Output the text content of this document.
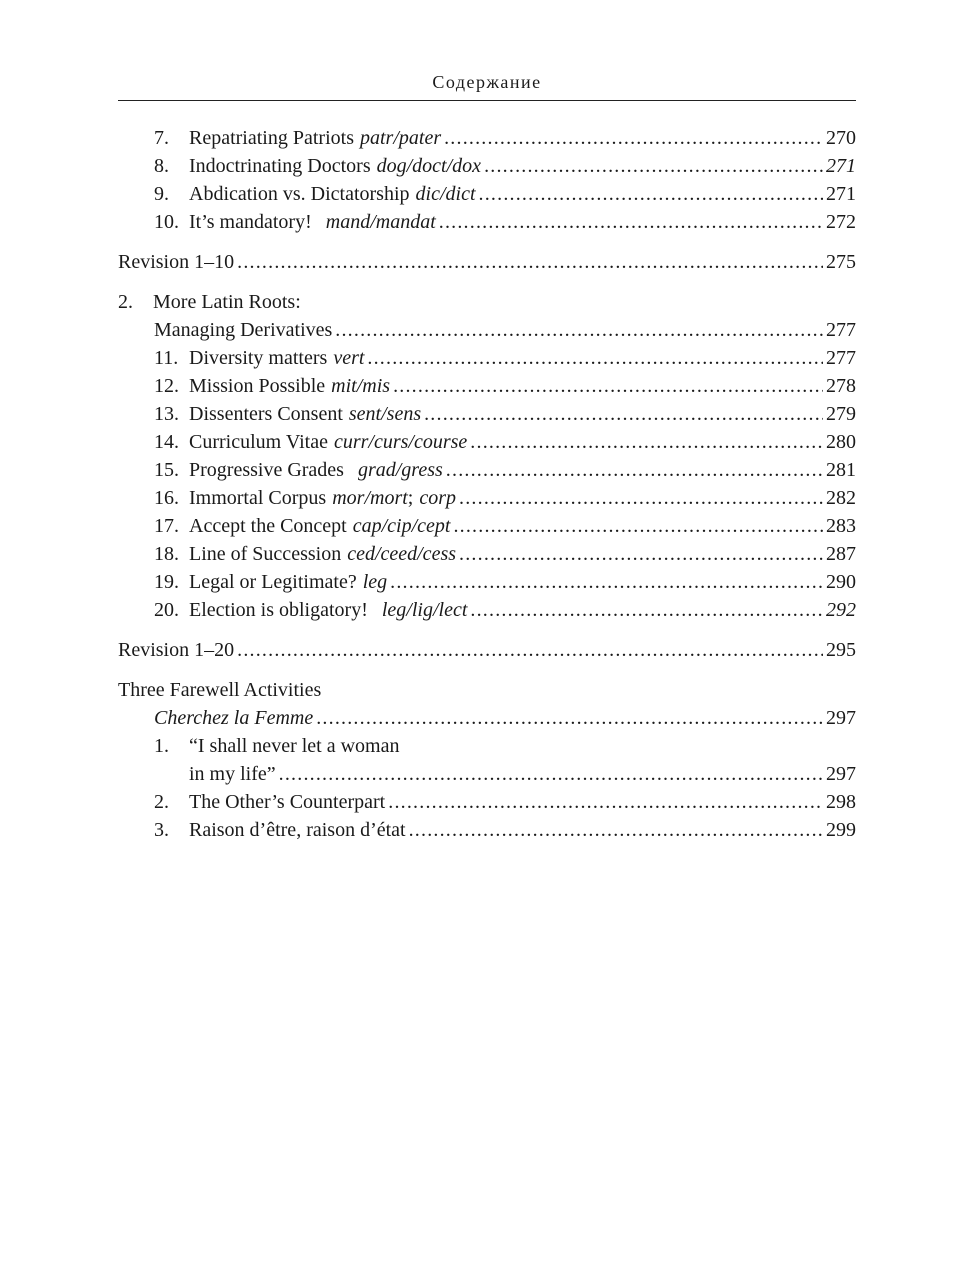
Содержание
7.	Repatriating Patriots patr/pater . . .	270
8.	Indoctrinating Doctors dog/doct/dox . . .	271
9.	Abdication vs. Dictatorship dic/dict . . .	271
10. It’s mandatory! mand/mandat . . .	272
Revision 1–10 . . .	275
2. More Latin Roots:
Managing Derivatives . . .	277
11. Diversity matters vert . . .	277
12. Mission Possible mit/mis . . .	278
13. Dissenters Consent sent/sens . . .	279
14. Curriculum Vitae curr/curs/course . . .	280
15. Progressive Grades grad/gress . . .	281
16. Immortal Corpus mor/mort ; corp . . .	282
17. Accept the Concept cap/cip/cept . . .	283
18. Line of Succession ced/ceed/cess . . .	287
19. Legal or Legitimate? leg . . .	290
20. Election is obligatory! leg/lig/lect . . .	292
Revision 1–20 . . .	295
Three Farewell Activities
Cherchez la Femme . . .	297
1. “I shall never let a woman
in my life” . . .	297
2.	The Other’s Counterpart . . .	298
3.	Raison d’être, raison d’état . . .	299
